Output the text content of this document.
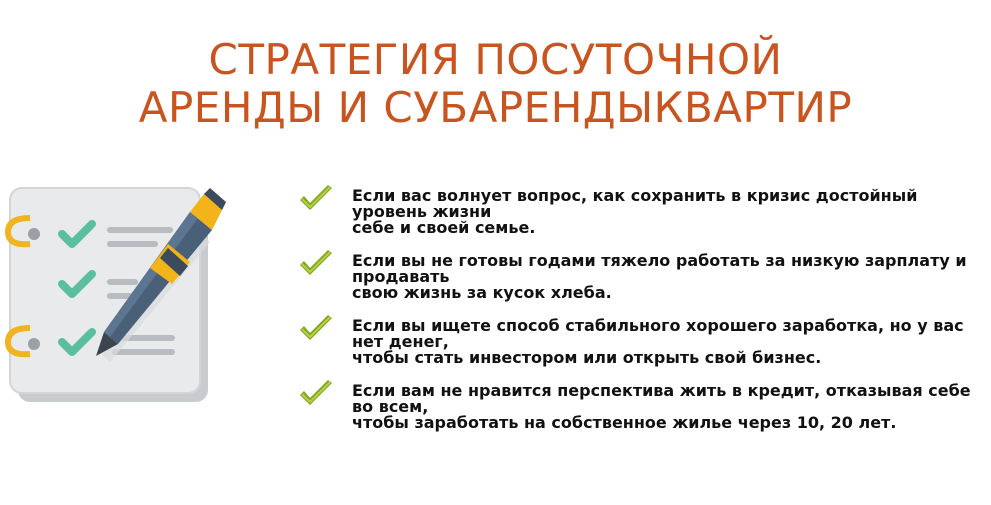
СТРАТЕГИЯ ПОСУТОЧНОЙ
АРЕНДЫ И СУБАРЕНДЫКВАРТИР
Если вас волнует вопрос, как сохранить в кризис достойный уровень жизни
себе и своей семье.
Если вы не готовы годами тяжело работать за низкую зарплату и продавать
свою жизнь за кусок хлеба.
Если вы ищете способ стабильного хорошего заработка, но у вас нет денег,
чтобы стать инвестором или открыть свой бизнес.
Если вам не нравится перспектива жить в кредит, отказывая себе во всем,
чтобы заработать на собственное жилье через 10, 20 лет.
